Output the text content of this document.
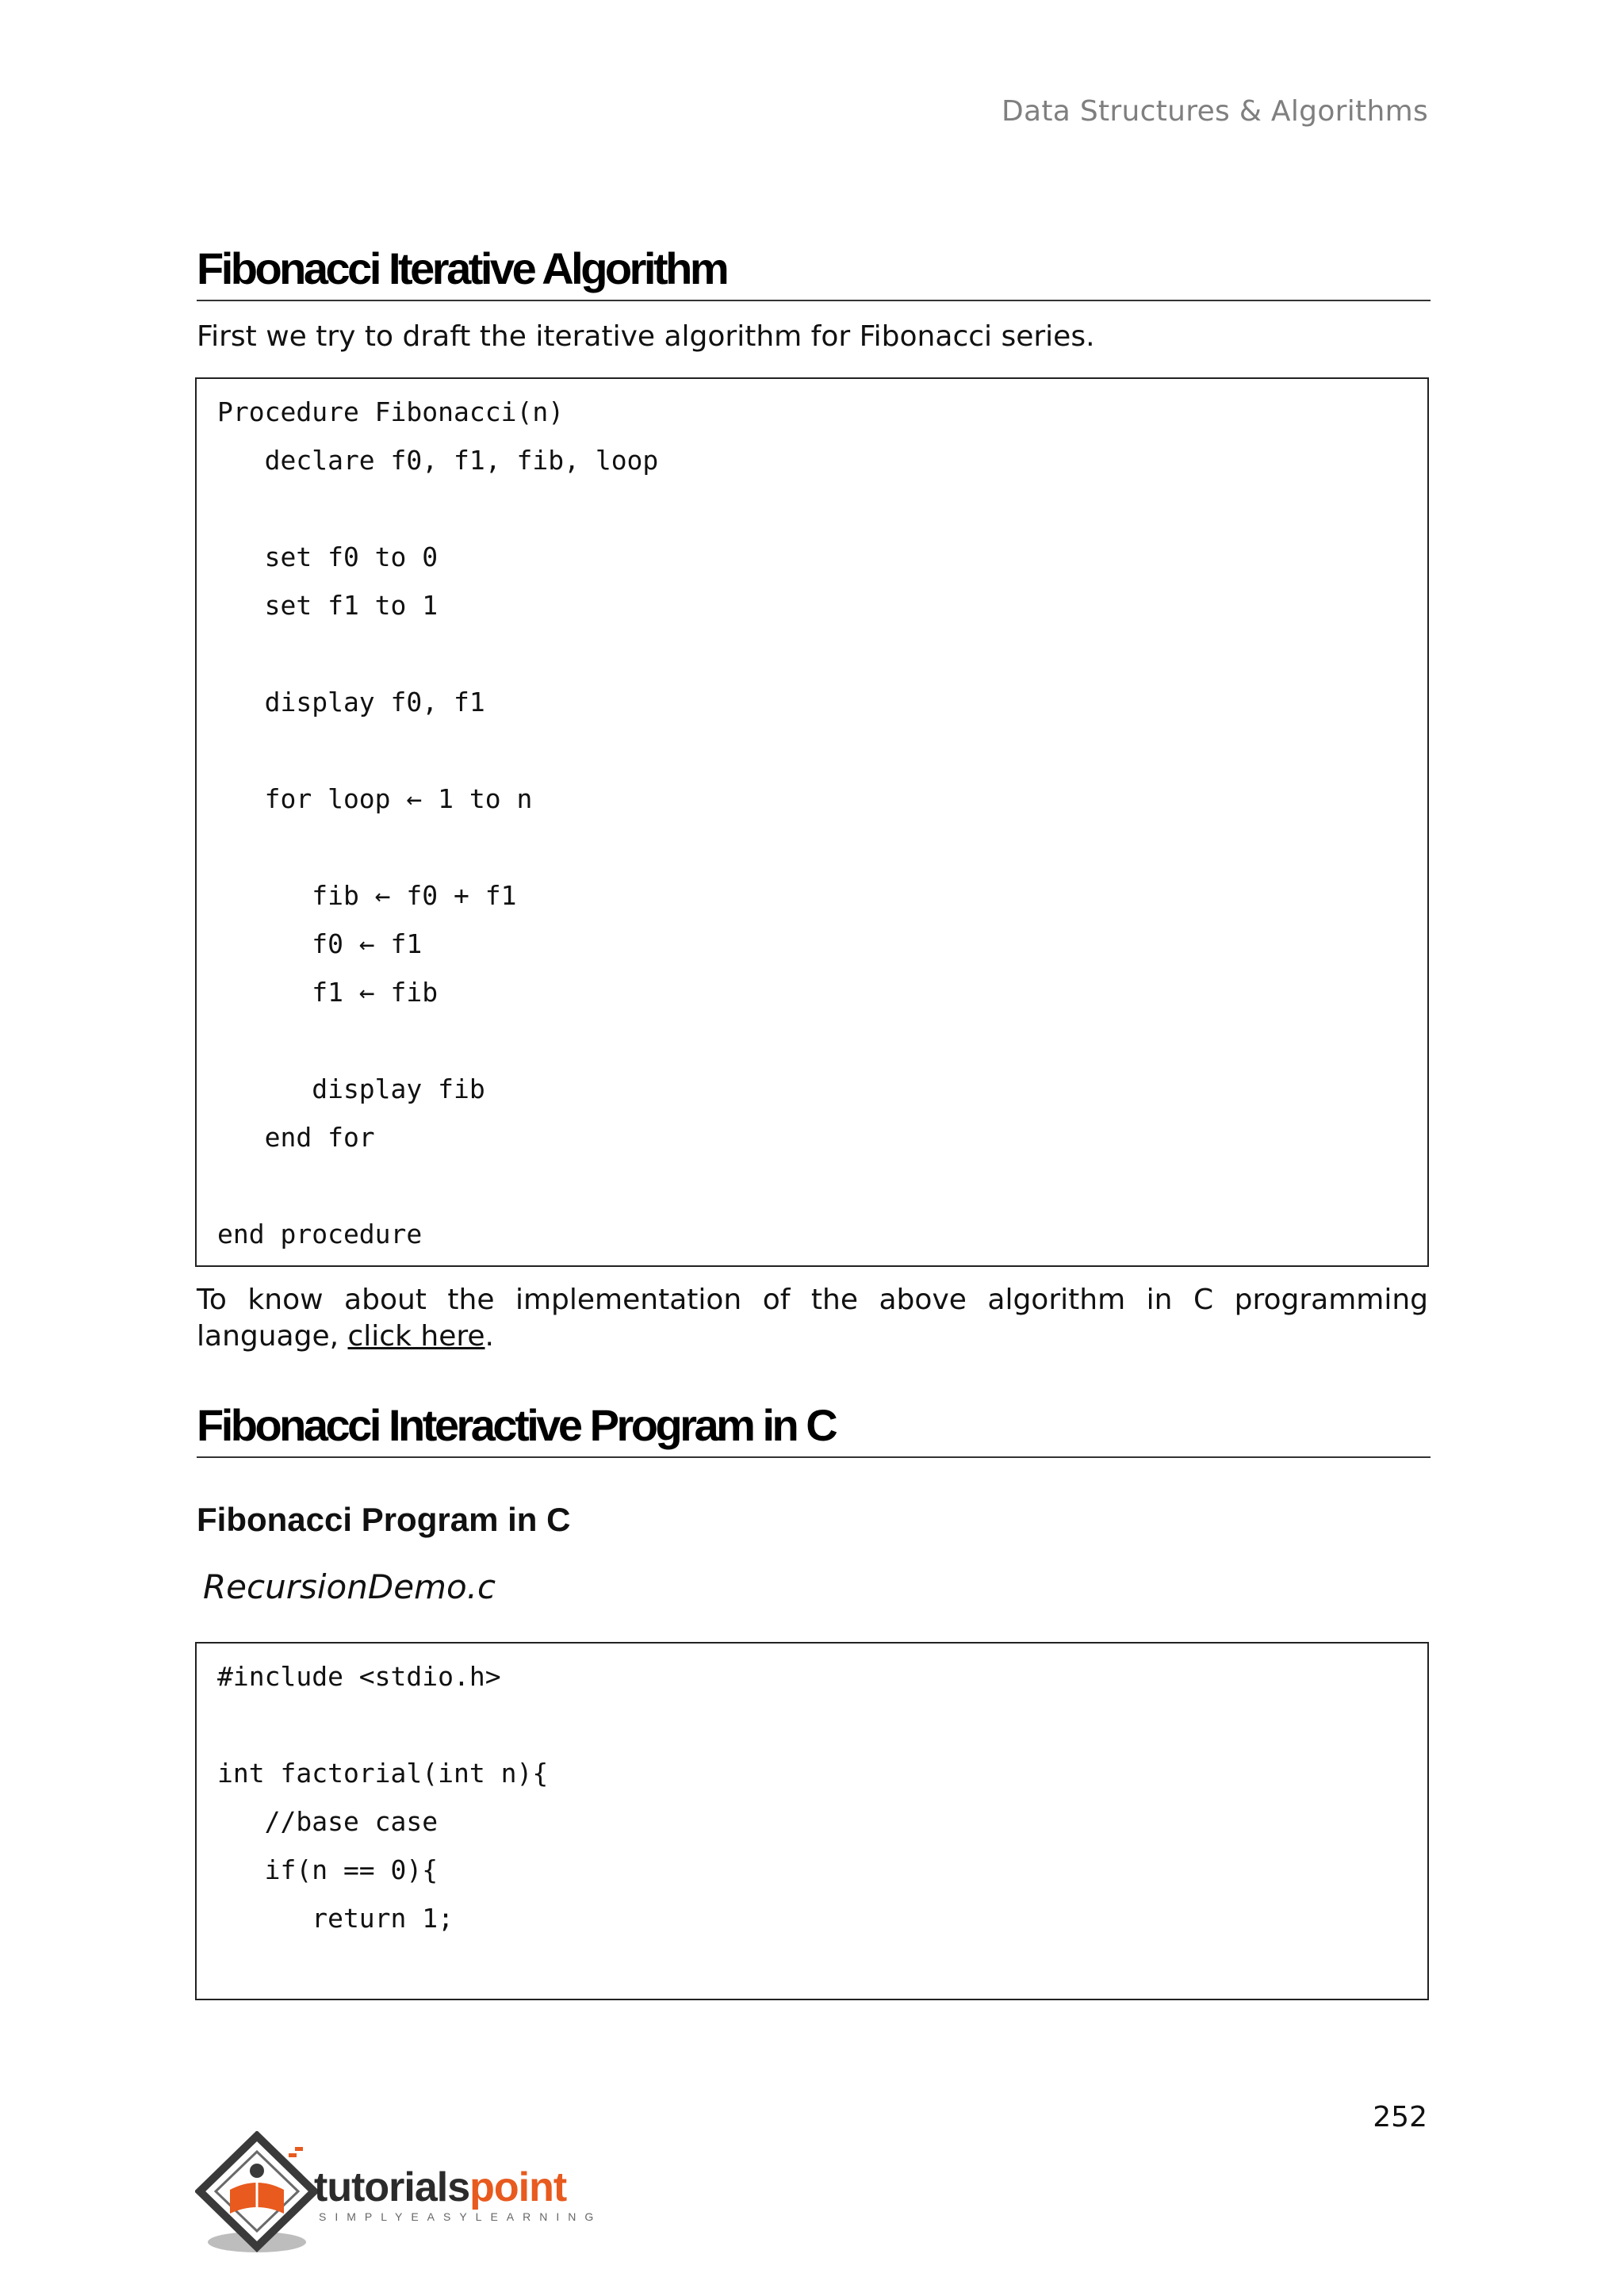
Data Structures & Algorithms
Fibonacci Iterative Algorithm
First we try to draft the iterative algorithm for Fibonacci series.
Procedure Fibonacci(n)
declare f0, f1, fib, loop
set f0 to 0
set f1 to 1
display f0, f1
for loop ← 1 to n
fib ← f0 + f1
f0 ← f1
f1 ← fib
display fib
end for
end procedure
To know about the implementation of the above algorithm in C programming language, click here.
Fibonacci Interactive Program in C
Fibonacci Program in C
RecursionDemo.c
#include <stdio.h>
int factorial(int n){
//base case
if(n == 0){
return 1;
252
tutorialspoint
SIMPLYEASYLEARNING
